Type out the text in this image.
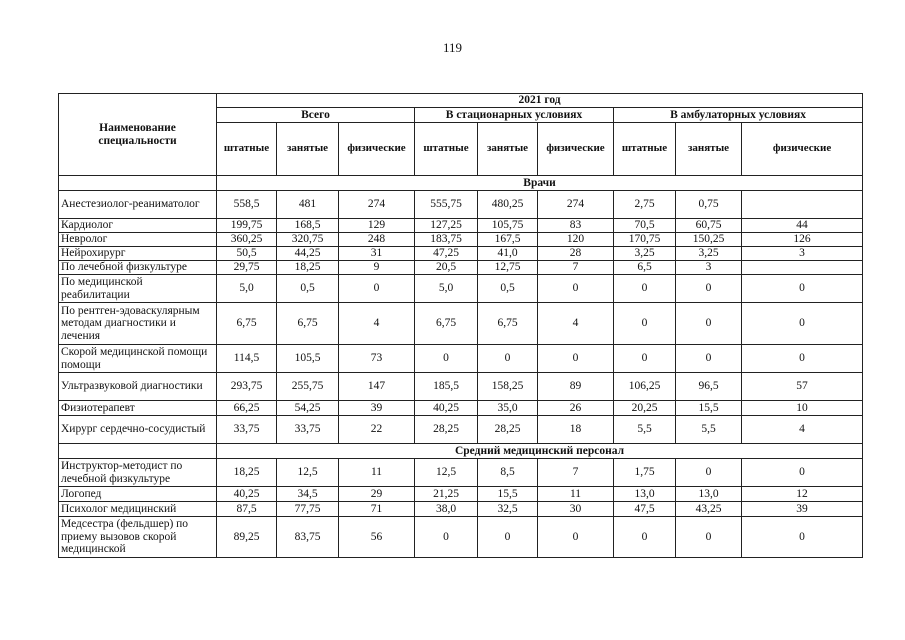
119
Наименование специальности	2021 год								
	Всего			В стационарных условиях			В амбулаторных условиях		
	штатные	занятые	физические	штатные	занятые	физические	штатные	занятые	физические
	Врачи								
Анестезиолог-реаниматолог	558,5	481	274	555,75	480,25	274	2,75	0,75	
Кардиолог	199,75	168,5	129	127,25	105,75	83	70,5	60,75	44
Невролог	360,25	320,75	248	183,75	167,5	120	170,75	150,25	126
Нейрохирург	50,5	44,25	31	47,25	41,0	28	3,25	3,25	3
По лечебной физкультуре	29,75	18,25	9	20,5	12,75	7	6,5	3	
По медицинской реабилитации	5,0	0,5	0	5,0	0,5	0	0	0	0
По рентген-эдоваскулярным методам диагностики и лечения	6,75	6,75	4	6,75	6,75	4	0	0	0
Скорой медицинской помощи помощи	114,5	105,5	73	0	0	0	0	0	0
Ультразвуковой диагностики	293,75	255,75	147	185,5	158,25	89	106,25	96,5	57
Физиотерапевт	66,25	54,25	39	40,25	35,0	26	20,25	15,5	10
Хирург сердечно-сосудистый	33,75	33,75	22	28,25	28,25	18	5,5	5,5	4
	Средний медицинский персонал								
Инструктор-методист по лечебной физкультуре	18,25	12,5	11	12,5	8,5	7	1,75	0	0
Логопед	40,25	34,5	29	21,25	15,5	11	13,0	13,0	12
Психолог медицинский	87,5	77,75	71	38,0	32,5	30	47,5	43,25	39
Медсестра (фельдшер) по приему вызовов скорой медицинской	89,25	83,75	56	0	0	0	0	0	0
